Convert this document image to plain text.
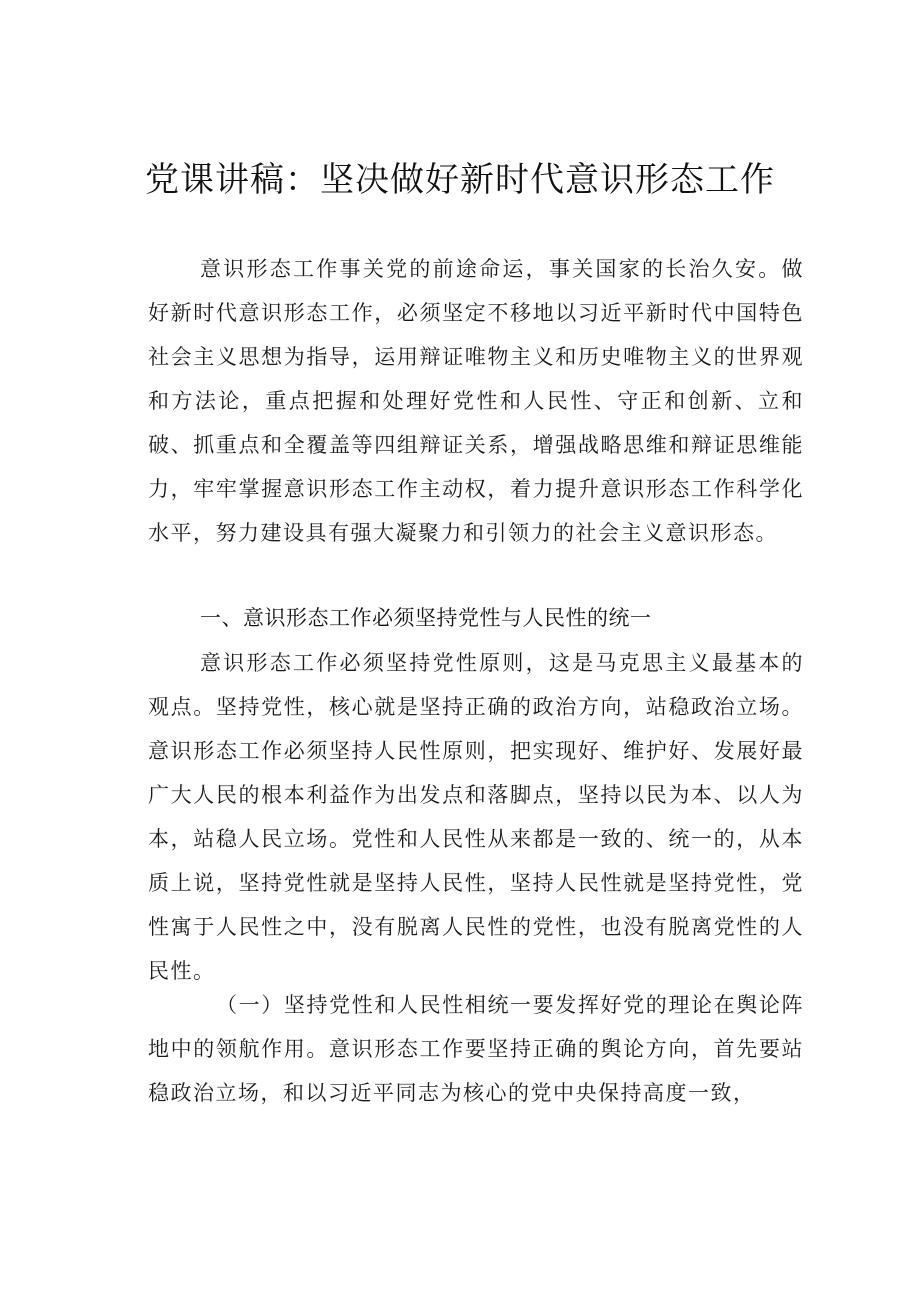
党课讲稿：坚决做好新时代意识形态工作

意识形态工作事关党的前途命运，事关国家的长治久安。做好新时代意识形态工作，必须坚定不移地以习近平新时代中国特色社会主义思想为指导，运用辩证唯物主义和历史唯物主义的世界观和方法论，重点把握和处理好党性和人民性、守正和创新、立和破、抓重点和全覆盖等四组辩证关系，增强战略思维和辩证思维能力，牢牢掌握意识形态工作主动权，着力提升意识形态工作科学化水平，努力建设具有强大凝聚力和引领力的社会主义意识形态。

一、意识形态工作必须坚持党性与人民性的统一

意识形态工作必须坚持党性原则，这是马克思主义最基本的观点。坚持党性，核心就是坚持正确的政治方向，站稳政治立场。意识形态工作必须坚持人民性原则，把实现好、维护好、发展好最广大人民的根本利益作为出发点和落脚点，坚持以民为本、以人为本，站稳人民立场。党性和人民性从来都是一致的、统一的，从本质上说，坚持党性就是坚持人民性，坚持人民性就是坚持党性，党性寓于人民性之中，没有脱离人民性的党性，也没有脱离党性的人民性。

（一）坚持党性和人民性相统一要发挥好党的理论在舆论阵地中的领航作用。意识形态工作要坚持正确的舆论方向，首先要站稳政治立场，和以习近平同志为核心的党中央保持高度一致，
